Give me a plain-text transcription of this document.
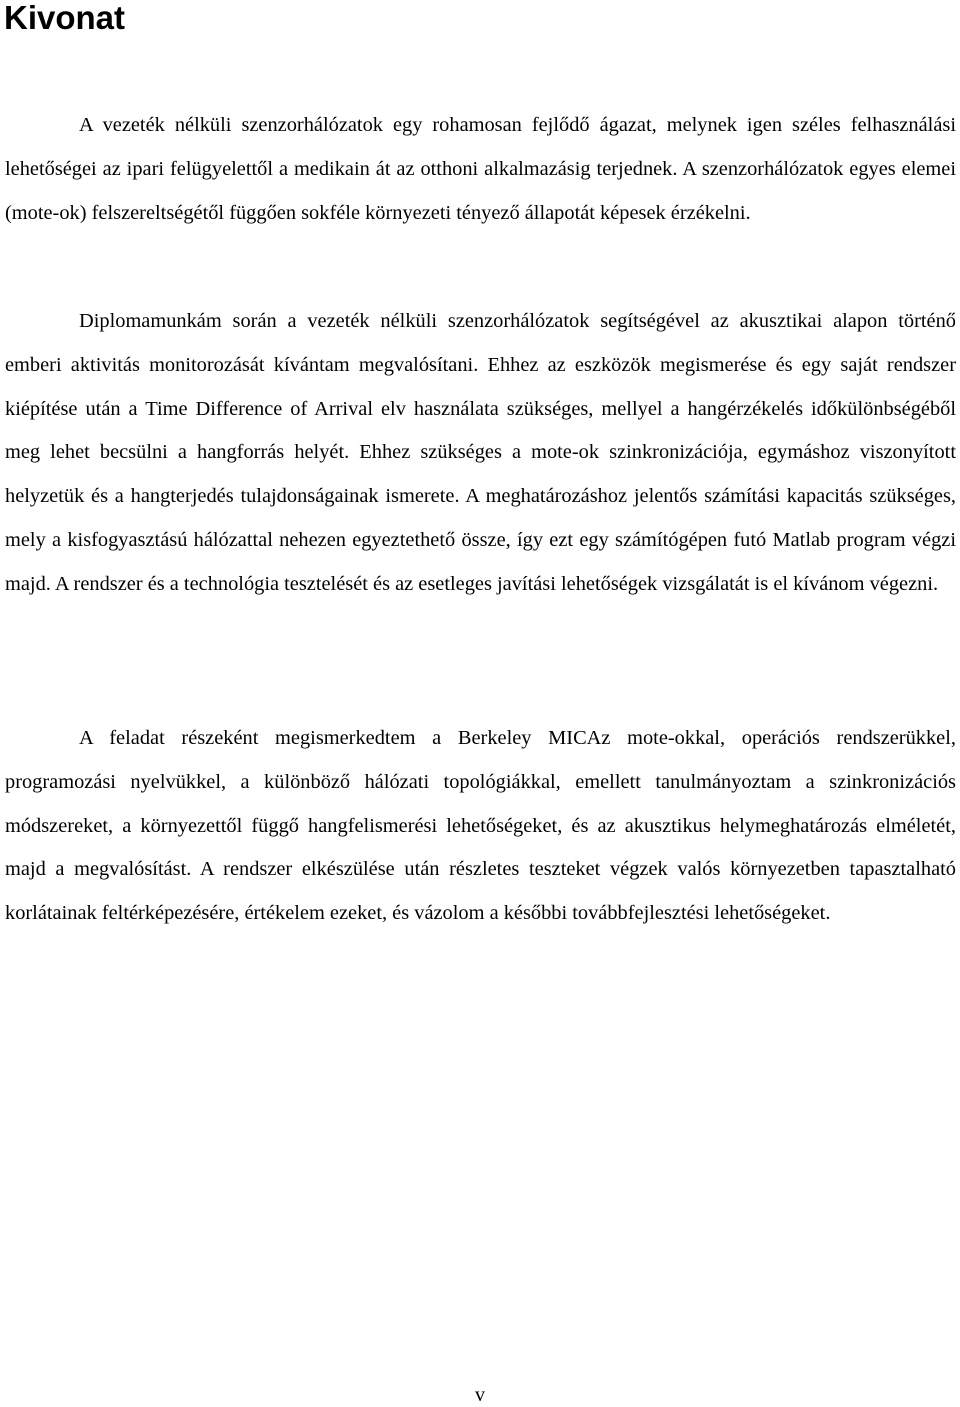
Kivonat

A vezeték nélküli szenzorhálózatok egy rohamosan fejlődő ágazat, melynek igen széles felhasználási lehetőségei az ipari felügyelettől a medikain át az otthoni alkalmazásig terjednek. A szenzorhálózatok egyes elemei (mote-ok) felszereltségétől függően sokféle környezeti tényező állapotát képesek érzékelni.

Diplomamunkám során a vezeték nélküli szenzorhálózatok segítségével az akusztikai alapon történő emberi aktivitás monitorozását kívántam megvalósítani. Ehhez az eszközök megismerése és egy saját rendszer kiépítése után a Time Difference of Arrival elv használata szükséges, mellyel a hangérzékelés időkülönbségéből meg lehet becsülni a hangforrás helyét. Ehhez szükséges a mote-ok szinkronizációja, egymáshoz viszonyított helyzetük és a hangterjedés tulajdonságainak ismerete. A meghatározáshoz jelentős számítási kapacitás szükséges, mely a kisfogyasztású hálózattal nehezen egyeztethető össze, így ezt egy számítógépen futó Matlab program végzi majd. A rendszer és a technológia tesztelését és az esetleges javítási lehetőségek vizsgálatát is el kívánom végezni.

A feladat részeként megismerkedtem a Berkeley MICAz mote-okkal, operációs rendszerükkel, programozási nyelvükkel, a különböző hálózati topológiákkal, emellett tanulmányoztam a szinkronizációs módszereket, a környezettől függő hangfelismerési lehetőségeket, és az akusztikus helymeghatározás elméletét, majd a megvalósítást. A rendszer elkészülése után részletes teszteket végzek valós környezetben tapasztalható korlátainak feltérképezésére, értékelem ezeket, és vázolom a későbbi továbbfejlesztési lehetőségeket.

v
